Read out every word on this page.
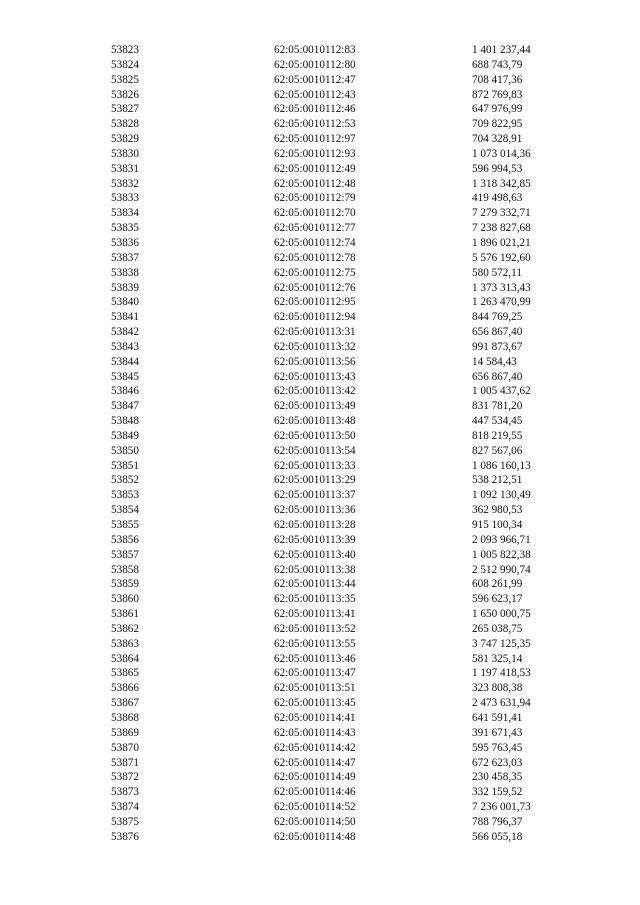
53823	62:05:0010112:83	1 401 237,44
53824	62:05:0010112:80	688 743,79
53825	62:05:0010112:47	708 417,36
53826	62:05:0010112:43	872 769,83
53827	62:05:0010112:46	647 976,99
53828	62:05:0010112:53	709 822,95
53829	62:05:0010112:97	704 328,91
53830	62:05:0010112:93	1 073 014,36
53831	62:05:0010112:49	596 994,53
53832	62:05:0010112:48	1 318 342,85
53833	62:05:0010112:79	419 498,63
53834	62:05:0010112:70	7 279 332,71
53835	62:05:0010112:77	7 238 827,68
53836	62:05:0010112:74	1 896 021,21
53837	62:05:0010112:78	5 576 192,60
53838	62:05:0010112:75	580 572,11
53839	62:05:0010112:76	1 373 313,43
53840	62:05:0010112:95	1 263 470,99
53841	62:05:0010112:94	844 769,25
53842	62:05:0010113:31	656 867,40
53843	62:05:0010113:32	991 873,67
53844	62:05:0010113:56	14 584,43
53845	62:05:0010113:43	656 867,40
53846	62:05:0010113:42	1 005 437,62
53847	62:05:0010113:49	831 781,20
53848	62:05:0010113:48	447 534,45
53849	62:05:0010113:50	818 219,55
53850	62:05:0010113:54	827 567,06
53851	62:05:0010113:33	1 086 160,13
53852	62:05:0010113:29	538 212,51
53853	62:05:0010113:37	1 092 130,49
53854	62:05:0010113:36	362 980,53
53855	62:05:0010113:28	915 100,34
53856	62:05:0010113:39	2 093 966,71
53857	62:05:0010113:40	1 005 822,38
53858	62:05:0010113:38	2 512 990,74
53859	62:05:0010113:44	608 261,99
53860	62:05:0010113:35	596 623,17
53861	62:05:0010113:41	1 650 000,75
53862	62:05:0010113:52	265 038,75
53863	62:05:0010113:55	3 747 125,35
53864	62:05:0010113:46	581 325,14
53865	62:05:0010113:47	1 197 418,53
53866	62:05:0010113:51	323 808,38
53867	62:05:0010113:45	2 473 631,94
53868	62:05:0010114:41	641 591,41
53869	62:05:0010114:43	391 671,43
53870	62:05:0010114:42	595 763,45
53871	62:05:0010114:47	672 623,03
53872	62:05:0010114:49	230 458,35
53873	62:05:0010114:46	332 159,52
53874	62:05:0010114:52	7 236 001,73
53875	62:05:0010114:50	788 796,37
53876	62:05:0010114:48	566 055,18
